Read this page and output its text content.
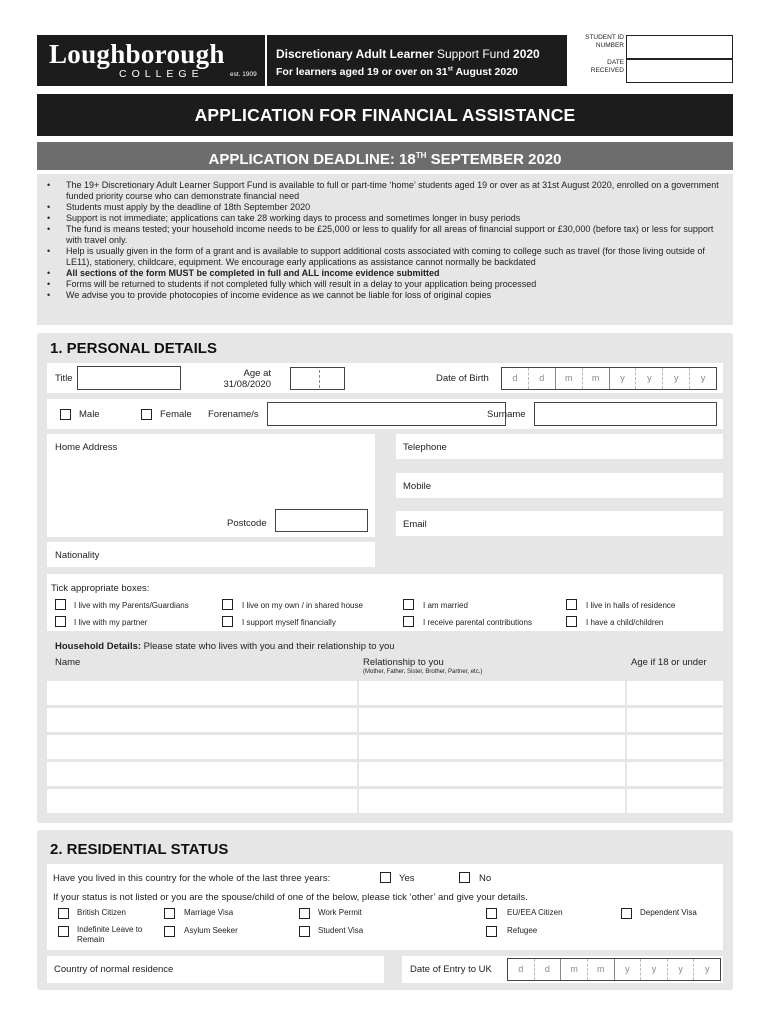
Loughborough
COLLEGE	est. 1909
Discretionary Adult Learner Support Fund 2020
For learners aged 19 or over on 31st August 2020
STUDENT ID NUMBER
DATE RECEIVED
APPLICATION FOR FINANCIAL ASSISTANCE
APPLICATION DEADLINE: 18TH SEPTEMBER 2020
• The 19+ Discretionary Adult Learner Support Fund is available to full or part-time ‘home’ students aged 19 or over as at 31st August 2020, enrolled on a government funded priority course who can demonstrate financial need
• Students must apply by the deadline of 18th September 2020
• Support is not immediate; applications can take 28 working days to process and sometimes longer in busy periods
• The fund is means tested; your household income needs to be £25,000 or less to qualify for all areas of financial support or £30,000 (before tax) or less for support with travel only.
• Help is usually given in the form of a grant and is available to support additional costs associated with coming to college such as travel (for those living outside of LE11), stationery, childcare, equipment. We encourage early applications as assistance cannot normally be backdated
• All sections of the form MUST be completed in full and ALL income evidence submitted
• Forms will be returned to students if not completed fully which will result in a delay to your application being processed
• We advise you to provide photocopies of income evidence as we cannot be liable for loss of original copies
1. PERSONAL DETAILS
Title	Age at
31/08/2020
Date of Birth	d	d	m	m	y	y	y	y
Male	Female Forename/s	Surname
Home Address
Postcode
Telephone
Mobile
Email
Nationality
Tick appropriate boxes:
I live with my Parents/Guardians	I live on my own / in shared house	I am married	I live in halls of residence
I live with my partner	I support myself financially	I receive parental contributions	I have a child/children
Household Details: Please state who lives with you and their relationship to you
Name	Relationship to you
(Mother, Father, Sister, Brother, Partner, etc.)
Age if 18 or under
2. RESIDENTIAL STATUS
Have you lived in this country for the whole of the last three years:	Yes	No
If your status is not listed or you are the spouse/child of one of the below, please tick ‘other’ and give your details.
British Citizen	Marriage Visa	Work Permit	EU/EEA Citizen	Dependent Visa
Indefinite Leave to Remain
Asylum Seeker	Student Visa	Refugee
Country of normal residence	Date of Entry to UK	d	d	m	m	y	y	y	y
